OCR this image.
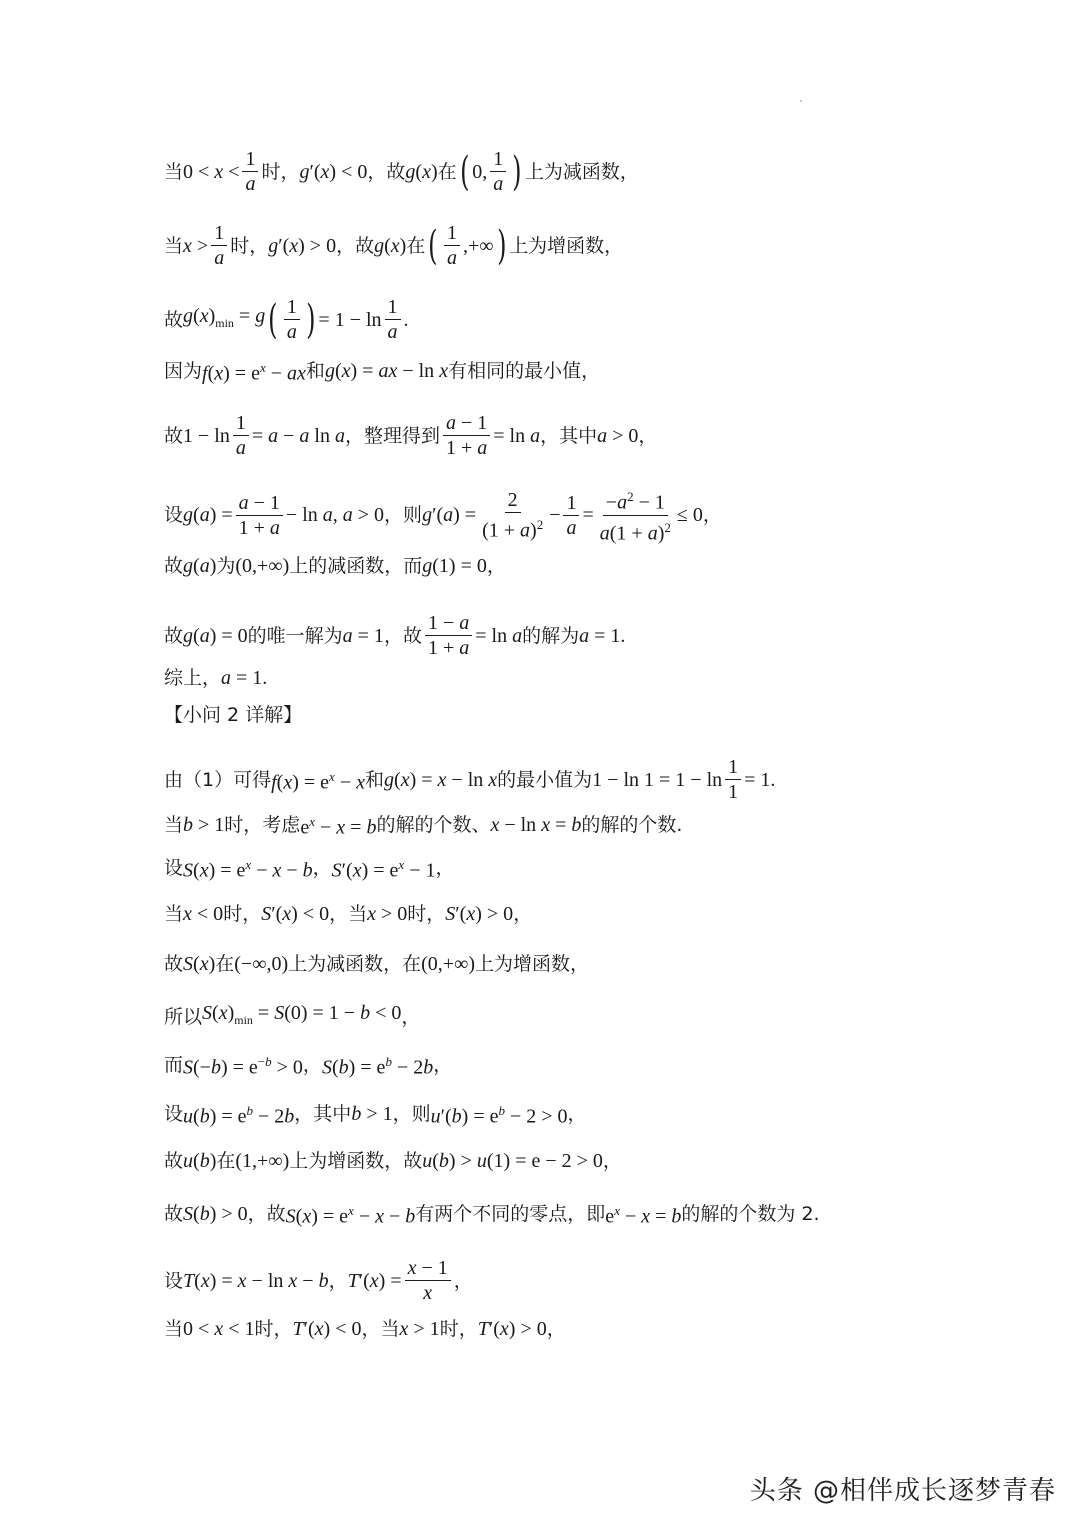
当 $0 < x < \frac{1}{a}$ 时， g′(x) < 0 ，故 g(x) 在 ( 0, $\frac{1}{a}$ ) 上为减函数，
当 $x > \frac{1}{a}$ 时， g′(x) > 0 ，故 g(x) 在 ( $\frac{1}{a}$ ,+∞ ) 上为增函数，
故 $g(x)_{min} = g$ ( $\frac{1}{a}$ ) = $1 - \ln \frac{1}{a}$ .
因为 $f(x) = e^x$ − ax 和 g(x) = ax − ln x 有相同的最小值，
故 $1 - \ln \frac{1}{a} = a - a$ ln a ，整理得到 $\frac{a - 1}{1 + a} = \ln a$ ，其中 a > 0 ，
设 $g(a) = \frac{a - 1}{1 + a} - \ln a$, a > 0 ，则 $g'(a) = \frac{2}{(1 + a)^2} - \frac{1}{a} = \frac{-a^2 - 1}{a(1 + a)^2} \le 0$ ，
故 g(a) 为 (0,+∞) 上的减函数，而 g(1) = 0 ，
故 g(a) = 0 的唯一解为 a = 1 ，故 $\frac{1 - a}{1 + a} = \ln a$ 的解为 a = 1.
综上， a = 1.
【小问 2 详解】
由（1）可得 $f(x) = e^x - x$ 和 g(x) = x − ln x 的最小值为 $1 - \ln 1 = 1 - \ln \frac{1}{1} = 1$.
当 b > 1 时，考虑 $e^x - x = b$ 的解的个数、 x − ln x = b 的解的个数.
设 $S(x) = e^x - x - b$ ， $S'(x) = e^x - 1$ ，
当 x < 0 时， S′(x) < 0 ，当 x > 0 时， S′(x) > 0 ，
故 S(x) 在 (−∞,0) 上为减函数，在 (0,+∞) 上为增函数，
所以 $S(x)_{min} = S(0) = 1 - b < 0$ ，
而 $S(-b) = e^{-b} > 0$ ， $S(b) = e^b - 2b$ ，
设 $u(b) = e^b - 2b$ ，其中 b > 1 ，则 $u'(b) = e^b - 2 > 0$ ，
故 u(b) 在 (1,+∞) 上为增函数，故 u(b) > u(1) = e − 2 > 0 ，
故 S(b) > 0 ，故 $S(x) = e^x - x - b$ 有两个不同的零点，即 $e^x - x = b$ 的解的个数为 2.
设 T(x) = x − ln x − b ， $T'(x) = \frac{x - 1}{x}$ ，
当 0 < x < 1 时， T′(x) < 0 ，当 x > 1 时， T′(x) > 0 ，
头条 @相伴成长逐梦青春
